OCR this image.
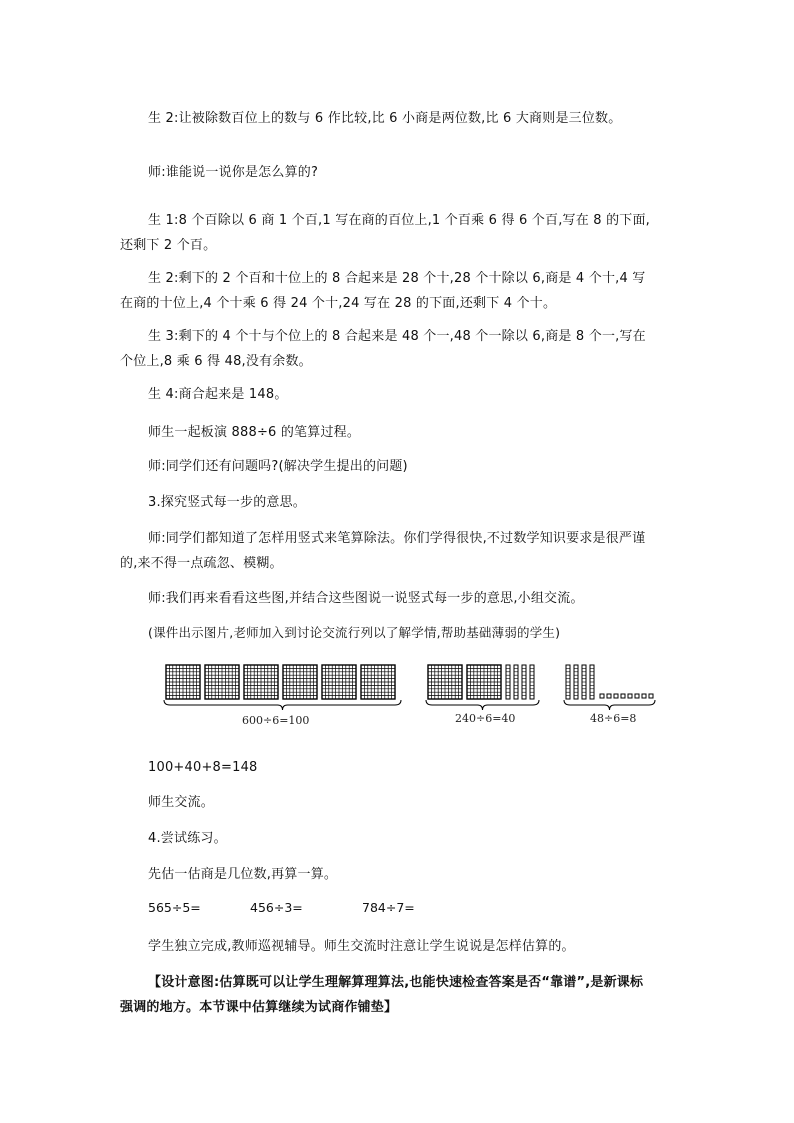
生 2:让被除数百位上的数与 6 作比较,比 6 小商是两位数,比 6 大商则是三位数。

师:谁能说一说你是怎么算的?

生 1:8 个百除以 6 商 1 个百,1 写在商的百位上,1 个百乘 6 得 6 个百,写在 8 的下面,还剩下 2 个百。

生 2:剩下的 2 个百和十位上的 8 合起来是 28 个十,28 个十除以 6,商是 4 个十,4 写在商的十位上,4 个十乘 6 得 24 个十,24 写在 28 的下面,还剩下 4 个十。

生 3:剩下的 4 个十与个位上的 8 合起来是 48 个一,48 个一除以 6,商是 8 个一,写在个位上,8 乘 6 得 48,没有余数。

生 4:商合起来是 148。

师生一起板演 888÷6 的笔算过程。

师:同学们还有问题吗?(解决学生提出的问题)

3.探究竖式每一步的意思。

师:同学们都知道了怎样用竖式来笔算除法。你们学得很快,不过数学知识要求是很严谨的,来不得一点疏忽、模糊。

师:我们再来看看这些图,并结合这些图说一说竖式每一步的意思,小组交流。

(课件出示图片,老师加入到讨论交流行列以了解学情,帮助基础薄弱的学生)

600÷6=100	240÷6=40	48÷6=8

100+40+8=148

师生交流。

4.尝试练习。

先估一估商是几位数,再算一算。

565÷5=	456÷3=	784÷7=

学生独立完成,教师巡视辅导。师生交流时注意让学生说说是怎样估算的。

【设计意图:估算既可以让学生理解算理算法,也能快速检查答案是否“靠谱”,是新课标强调的地方。本节课中估算继续为试商作铺垫】
